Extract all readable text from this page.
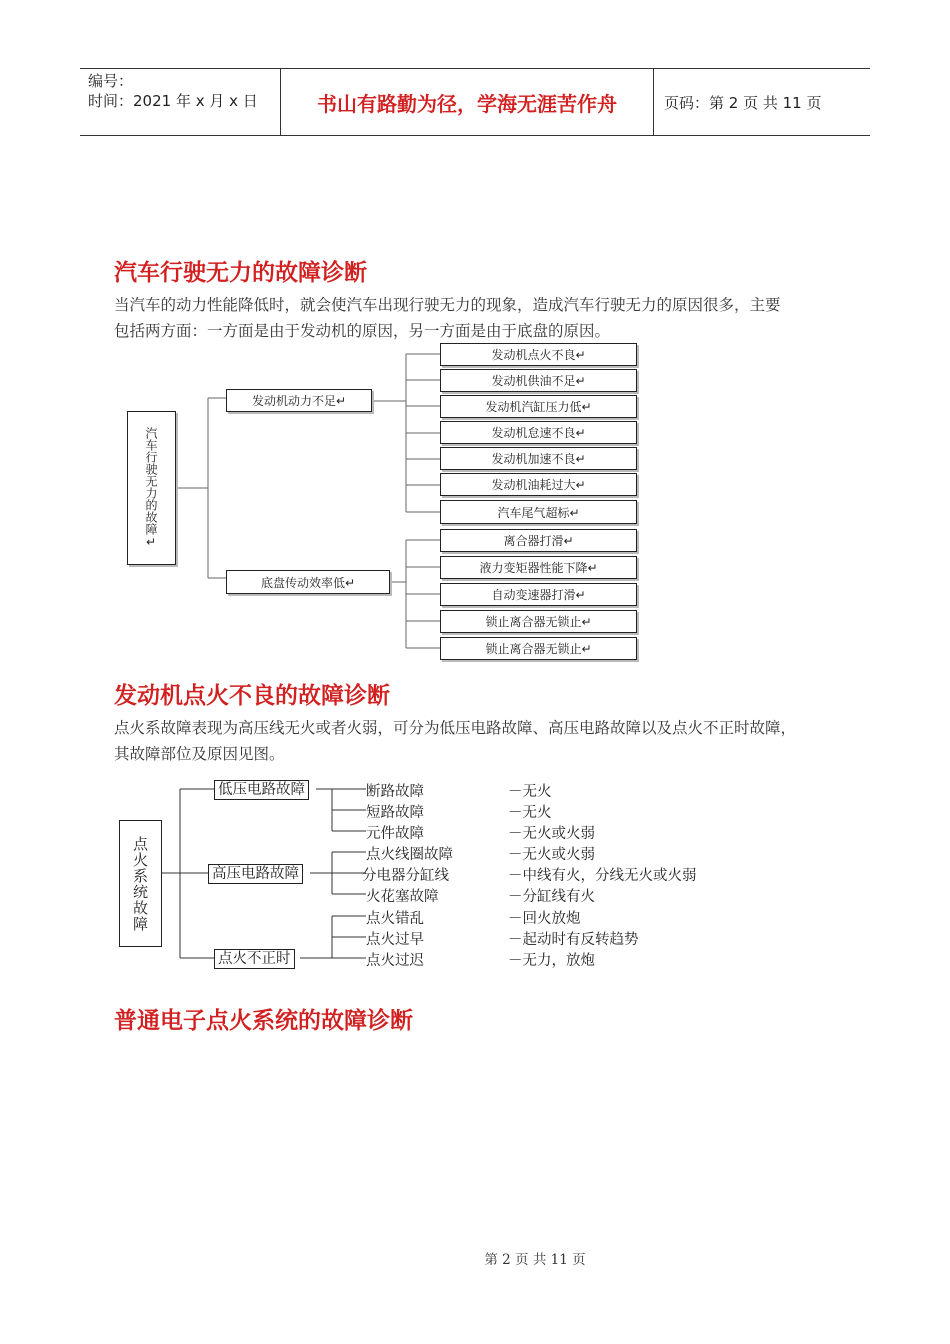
编号：
时间：2021 年 x 月 x 日	书山有路勤为径，学海无涯苦作舟	页码：第 2 页 共 11 页
汽车行驶无力的故障诊断
当汽车的动力性能降低时，就会使汽车出现行驶无力的现象，造成汽车行驶无力的原因很多，主要
包括两方面：一方面是由于发动机的原因，另一方面是由于底盘的原因。
汽车行驶无力的故障↵
发动机动力不足↵
底盘传动效率低↵
发动机点火不良↵
发动机供油不足↵
发动机汽缸压力低↵
发动机怠速不良↵
发动机加速不良↵
发动机油耗过大↵
汽车尾气超标↵
离合器打滑↵
液力变矩器性能下降↵
自动变速器打滑↵
锁止离合器无锁止↵
锁止离合器无锁止↵
发动机点火不良的故障诊断
点火系故障表现为高压线无火或者火弱，可分为低压电路故障、高压电路故障以及点火不正时故障，
其故障部位及原因见图。
点火系统故障
低压电路故障
高压电路故障
点火不正时
断路故障
短路故障
元件故障
点火线圈故障
分电器分缸线
火花塞故障
点火错乱
点火过早
点火过迟
－无火
－无火
－无火或火弱
－无火或火弱
－中线有火，分线无火或火弱
－分缸线有火
－回火放炮
－起动时有反转趋势
－无力，放炮
普通电子点火系统的故障诊断
第 2 页 共 11 页
